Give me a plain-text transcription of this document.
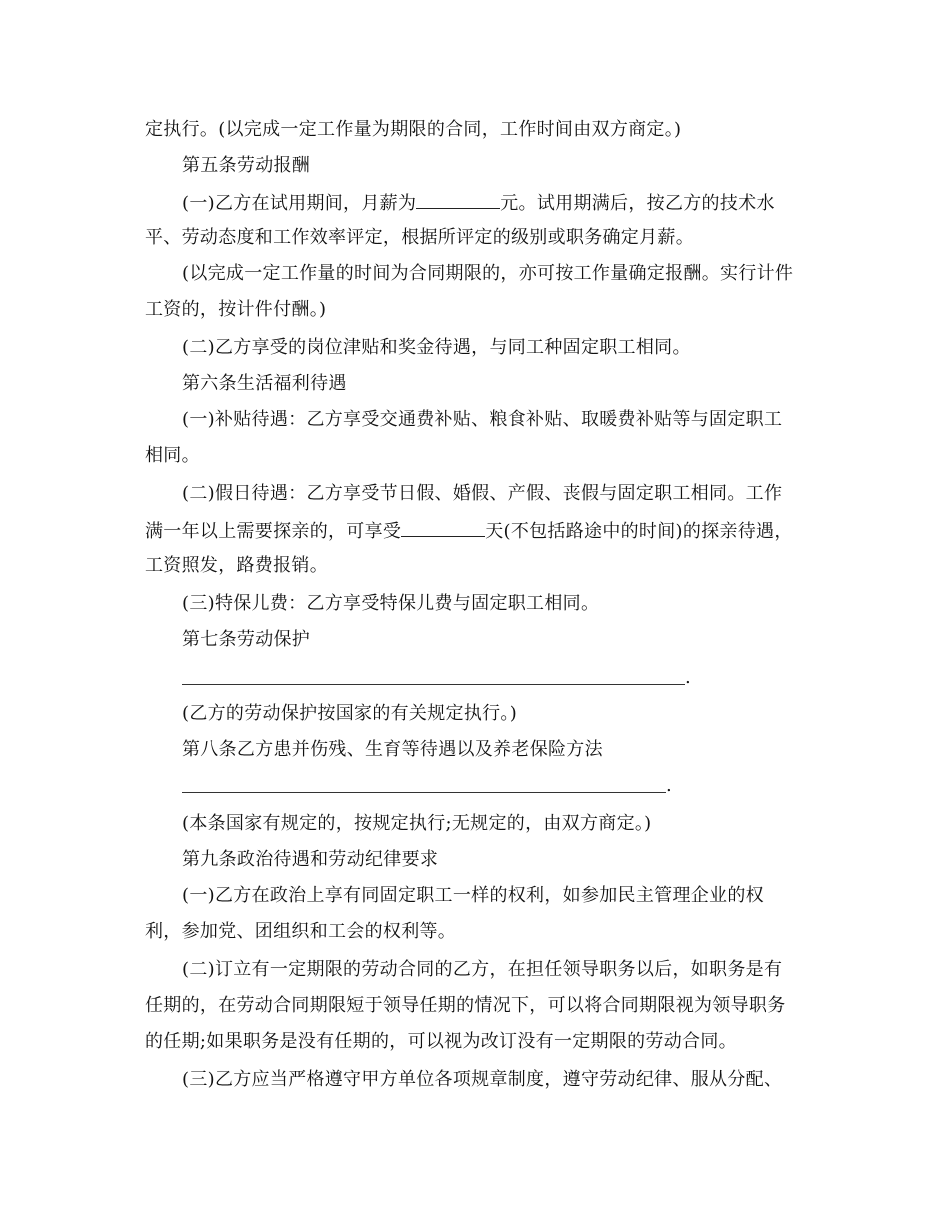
定执行。(以完成一定工作量为期限的合同，工作时间由双方商定。)
第五条劳动报酬
(一)乙方在试用期间，月薪为	元。试用期满后，按乙方的技术水
平、劳动态度和工作效率评定，根据所评定的级别或职务确定月薪。
(以完成一定工作量的时间为合同期限的，亦可按工作量确定报酬。实行计件
工资的，按计件付酬。)
(二)乙方享受的岗位津贴和奖金待遇，与同工种固定职工相同。
第六条生活福利待遇
(一)补贴待遇：乙方享受交通费补贴、粮食补贴、取暖费补贴等与固定职工
相同。
(二)假日待遇：乙方享受节日假、婚假、产假、丧假与固定职工相同。工作
满一年以上需要探亲的，可享受	天(不包括路途中的时间)的探亲待遇，
工资照发，路费报销。
(三)特保儿费：乙方享受特保儿费与固定职工相同。
第七条劳动保护
.
(乙方的劳动保护按国家的有关规定执行。)
第八条乙方患并伤残、生育等待遇以及养老保险方法
.
(本条国家有规定的，按规定执行;无规定的，由双方商定。)
第九条政治待遇和劳动纪律要求
(一)乙方在政治上享有同固定职工一样的权利，如参加民主管理企业的权
利，参加党、团组织和工会的权利等。
(二)订立有一定期限的劳动合同的乙方，在担任领导职务以后，如职务是有
任期的，在劳动合同期限短于领导任期的情况下，可以将合同期限视为领导职务
的任期;如果职务是没有任期的，可以视为改订没有一定期限的劳动合同。
(三)乙方应当严格遵守甲方单位各项规章制度，遵守劳动纪律、服从分配、
